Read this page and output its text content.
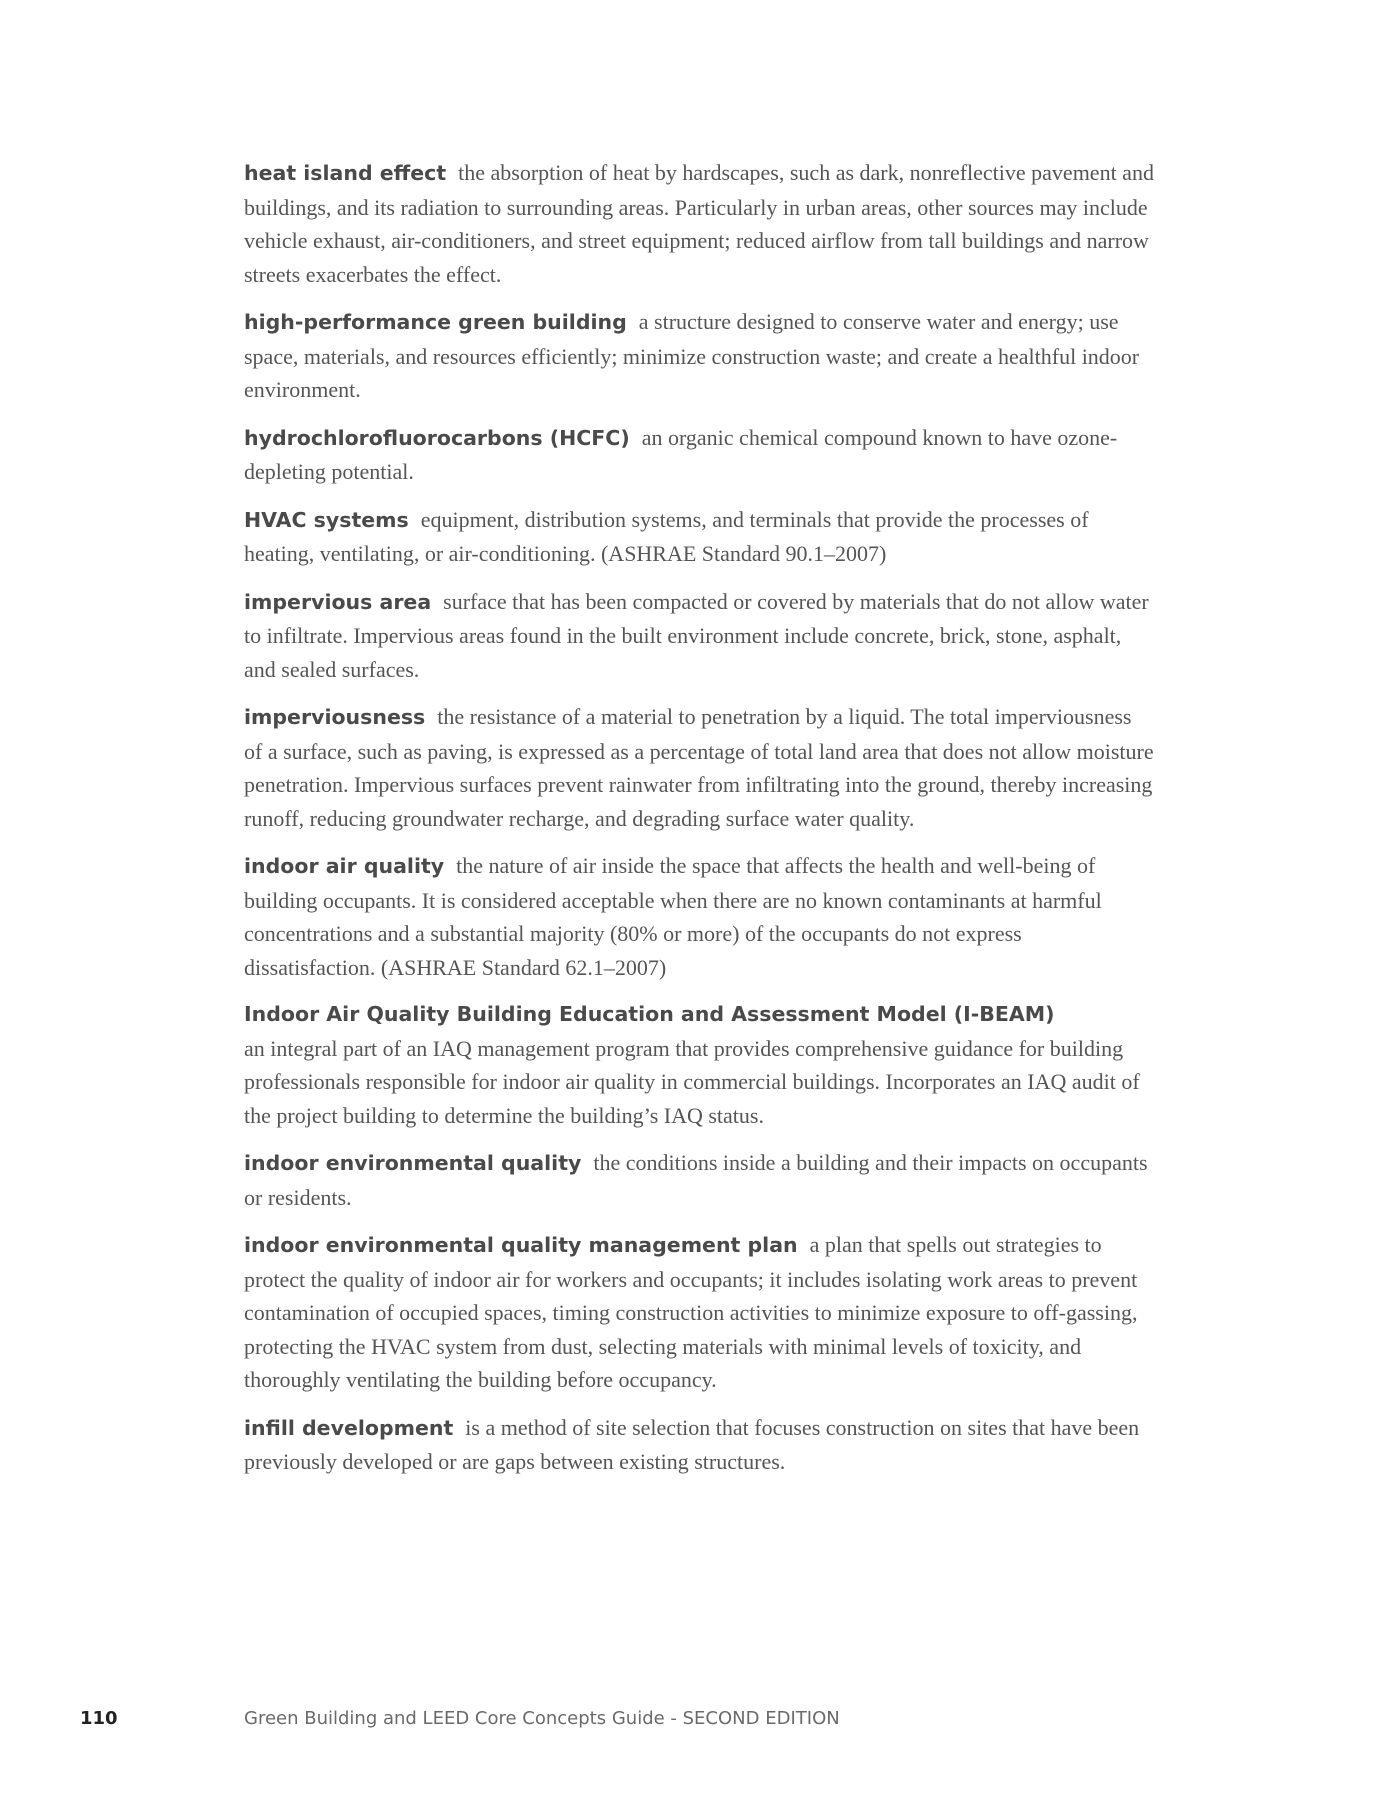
heat island effect the absorption of heat by hardscapes, such as dark, nonreflective pavement and buildings, and its radiation to surrounding areas. Particularly in urban areas, other sources may include vehicle exhaust, air-conditioners, and street equipment; reduced airflow from tall buildings and narrow streets exacerbates the effect.

high-performance green building a structure designed to conserve water and energy; use space, materials, and resources efficiently; minimize construction waste; and create a healthful indoor environment.

hydrochlorofluorocarbons (HCFC) an organic chemical compound known to have ozone-depleting potential.

HVAC systems equipment, distribution systems, and terminals that provide the processes of heating, ventilating, or air-conditioning. (ASHRAE Standard 90.1–2007)

impervious area surface that has been compacted or covered by materials that do not allow water to infiltrate. Impervious areas found in the built environment include concrete, brick, stone, asphalt, and sealed surfaces.

imperviousness the resistance of a material to penetration by a liquid. The total imperviousness of a surface, such as paving, is expressed as a percentage of total land area that does not allow moisture penetration. Impervious surfaces prevent rainwater from infiltrating into the ground, thereby increasing runoff, reducing groundwater recharge, and degrading surface water quality.

indoor air quality the nature of air inside the space that affects the health and well-being of building occupants. It is considered acceptable when there are no known contaminants at harmful concentrations and a substantial majority (80% or more) of the occupants do not express dissatisfaction. (ASHRAE Standard 62.1–2007)

Indoor Air Quality Building Education and Assessment Model (I-BEAM)
an integral part of an IAQ management program that provides comprehensive guidance for building professionals responsible for indoor air quality in commercial buildings. Incorporates an IAQ audit of the project building to determine the building’s IAQ status.

indoor environmental quality the conditions inside a building and their impacts on occupants or residents.

indoor environmental quality management plan a plan that spells out strategies to protect the quality of indoor air for workers and occupants; it includes isolating work areas to prevent contamination of occupied spaces, timing construction activities to minimize exposure to off-gassing, protecting the HVAC system from dust, selecting materials with minimal levels of toxicity, and thoroughly ventilating the building before occupancy.

infill development is a method of site selection that focuses construction on sites that have been previously developed or are gaps between existing structures.

110	Green Building and LEED Core Concepts Guide - SECOND EDITION
